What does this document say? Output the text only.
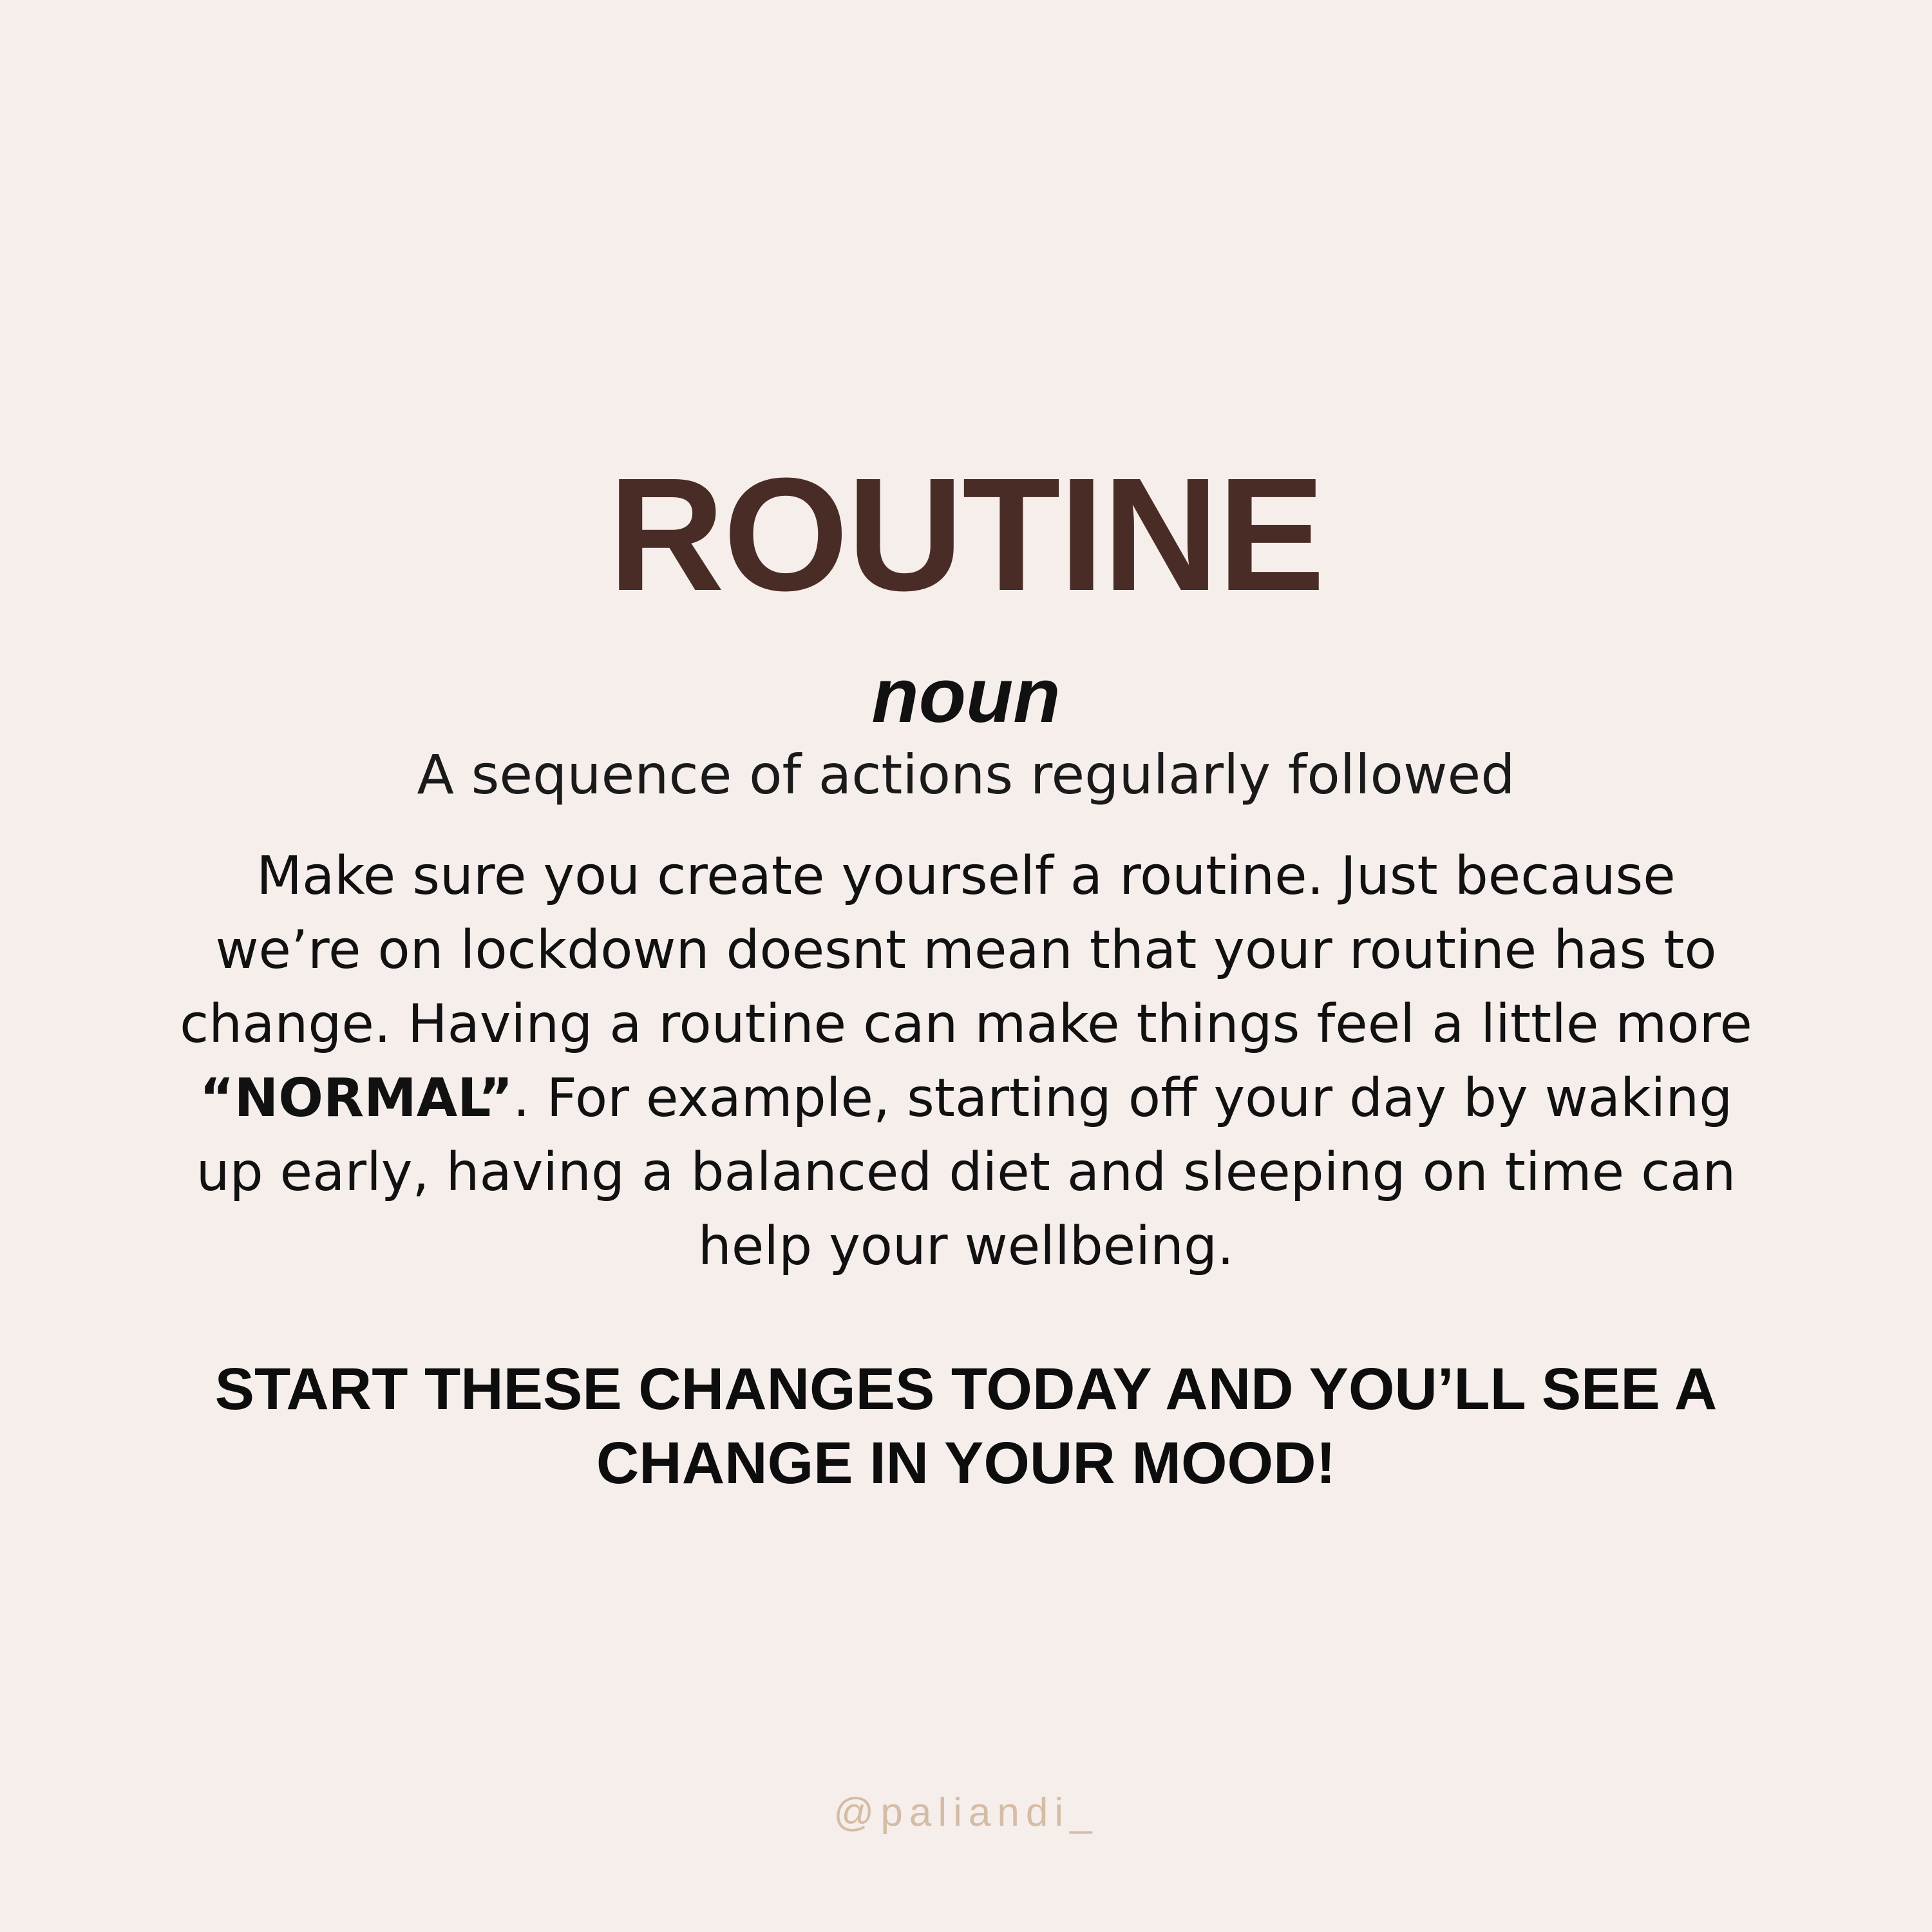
ROUTINE
noun
A sequence of actions regularly followed
Make sure you create yourself a routine. Just because
we’re on lockdown doesnt mean that your routine has to
change. Having a routine can make things feel a little more
“NORMAL”. For example, starting off your day by waking
up early, having a balanced diet and sleeping on time can
help your wellbeing.
START THESE CHANGES TODAY AND YOU’LL SEE A
CHANGE IN YOUR MOOD!
@paliandi_
